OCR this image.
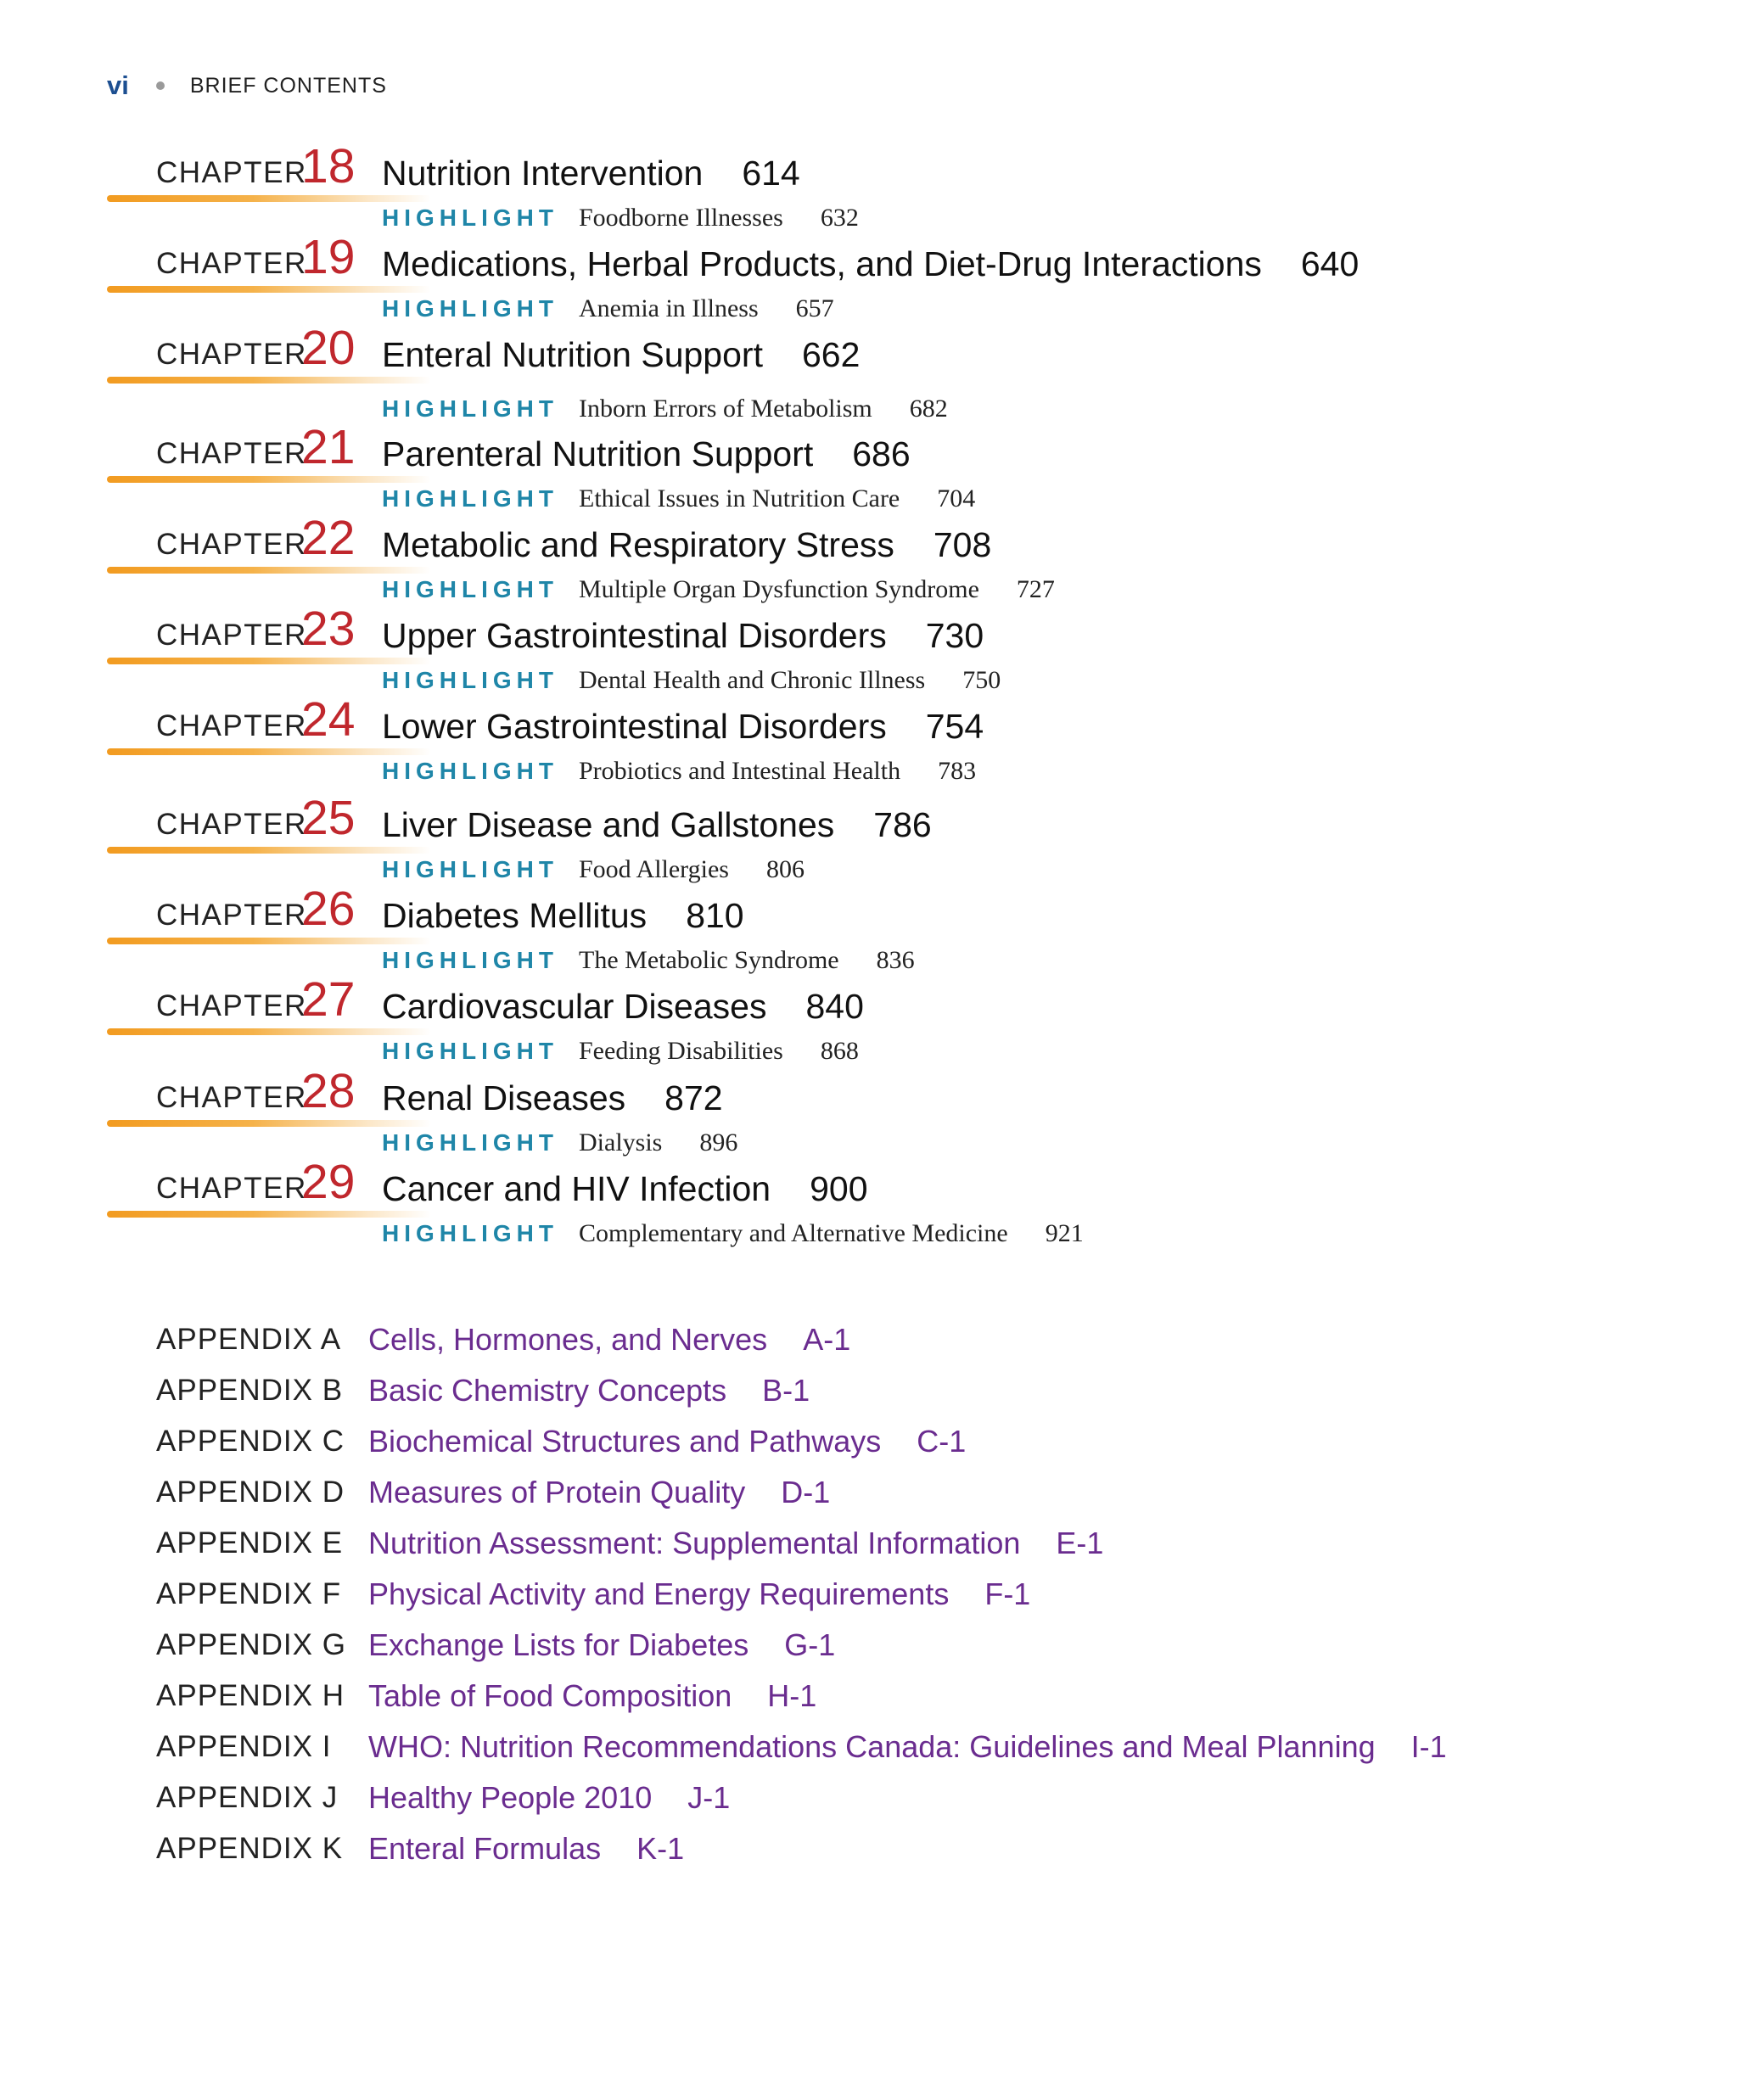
vi	BRIEF CONTENTS
CHAPTER
18 Nutrition Intervention 614
HIGHLIGHT Foodborne Illnesses 632
CHAPTER
19 Medications, Herbal Products, and Diet-Drug Interactions 640
HIGHLIGHT Anemia in Illness 657
CHAPTER
20 Enteral Nutrition Support 662
HIGHLIGHT Inborn Errors of Metabolism 682
CHAPTER
21 Parenteral Nutrition Support 686
HIGHLIGHT Ethical Issues in Nutrition Care 704
CHAPTER
22 Metabolic and Respiratory Stress 708
HIGHLIGHT Multiple Organ Dysfunction Syndrome 727
CHAPTER
23 Upper Gastrointestinal Disorders 730
HIGHLIGHT Dental Health and Chronic Illness 750
CHAPTER
24 Lower Gastrointestinal Disorders 754
HIGHLIGHT Probiotics and Intestinal Health 783
CHAPTER
25 Liver Disease and Gallstones 786
HIGHLIGHT Food Allergies 806
CHAPTER
26 Diabetes Mellitus 810
HIGHLIGHT The Metabolic Syndrome 836
CHAPTER
27 Cardiovascular Diseases 840
HIGHLIGHT Feeding Disabilities 868
CHAPTER
28 Renal Diseases 872
HIGHLIGHT Dialysis 896
CHAPTER
29 Cancer and HIV Infection 900
HIGHLIGHT Complementary and Alternative Medicine 921
APPENDIX A Cells, Hormones, and Nerves A-1
APPENDIX B Basic Chemistry Concepts B-1
APPENDIX C Biochemical Structures and Pathways C-1
APPENDIX D Measures of Protein Quality D-1
APPENDIX E Nutrition Assessment: Supplemental Information E-1
APPENDIX F Physical Activity and Energy Requirements F-1
APPENDIX G Exchange Lists for Diabetes G-1
APPENDIX H Table of Food Composition H-1
APPENDIX I WHO: Nutrition Recommendations Canada: Guidelines and Meal Planning I-1
APPENDIX J Healthy People 2010 J-1
APPENDIX K Enteral Formulas K-1
